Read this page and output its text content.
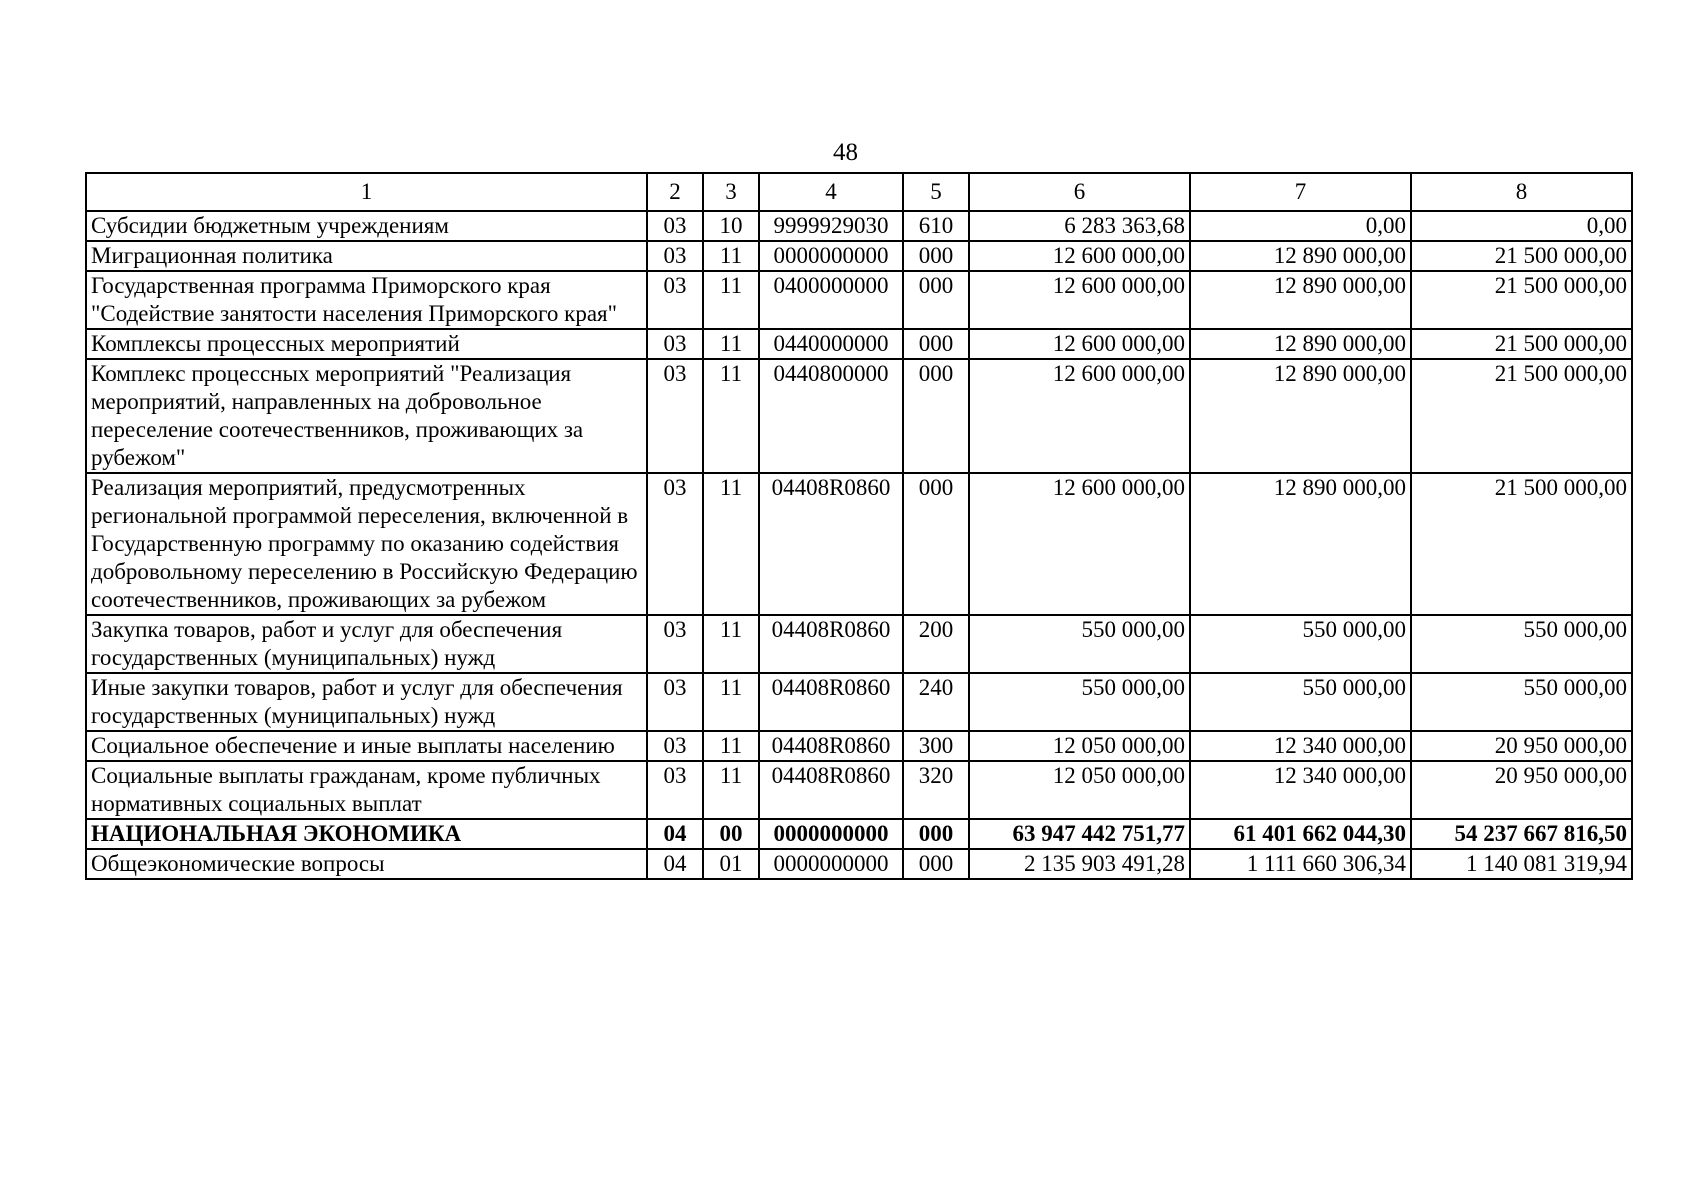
48
1	2	3	4	5	6	7	8
Субсидии бюджетным учреждениям	03	10	9999929030	610	6 283 363,68	0,00	0,00
Миграционная политика	03	11	0000000000	000	12 600 000,00	12 890 000,00	21 500 000,00
Государственная программа Приморского края "Содействие занятости населения Приморского края"	03	11	0400000000	000	12 600 000,00	12 890 000,00	21 500 000,00
Комплексы процессных мероприятий	03	11	0440000000	000	12 600 000,00	12 890 000,00	21 500 000,00
Комплекс процессных мероприятий "Реализация мероприятий, направленных на добровольное переселение соотечественников, проживающих за рубежом"	03	11	0440800000	000	12 600 000,00	12 890 000,00	21 500 000,00
Реализация мероприятий, предусмотренных региональной программой переселения, включенной в Государственную программу по оказанию содействия добровольному переселению в Российскую Федерацию соотечественников, проживающих за рубежом	03	11	04408R0860	000	12 600 000,00	12 890 000,00	21 500 000,00
Закупка товаров, работ и услуг для обеспечения государственных (муниципальных) нужд	03	11	04408R0860	200	550 000,00	550 000,00	550 000,00
Иные закупки товаров, работ и услуг для обеспечения государственных (муниципальных) нужд	03	11	04408R0860	240	550 000,00	550 000,00	550 000,00
Социальное обеспечение и иные выплаты населению	03	11	04408R0860	300	12 050 000,00	12 340 000,00	20 950 000,00
Социальные выплаты гражданам, кроме публичных нормативных социальных выплат	03	11	04408R0860	320	12 050 000,00	12 340 000,00	20 950 000,00
НАЦИОНАЛЬНАЯ ЭКОНОМИКА	04	00	0000000000	000	63 947 442 751,77	61 401 662 044,30	54 237 667 816,50
Общеэкономические вопросы	04	01	0000000000	000	2 135 903 491,28	1 111 660 306,34	1 140 081 319,94
